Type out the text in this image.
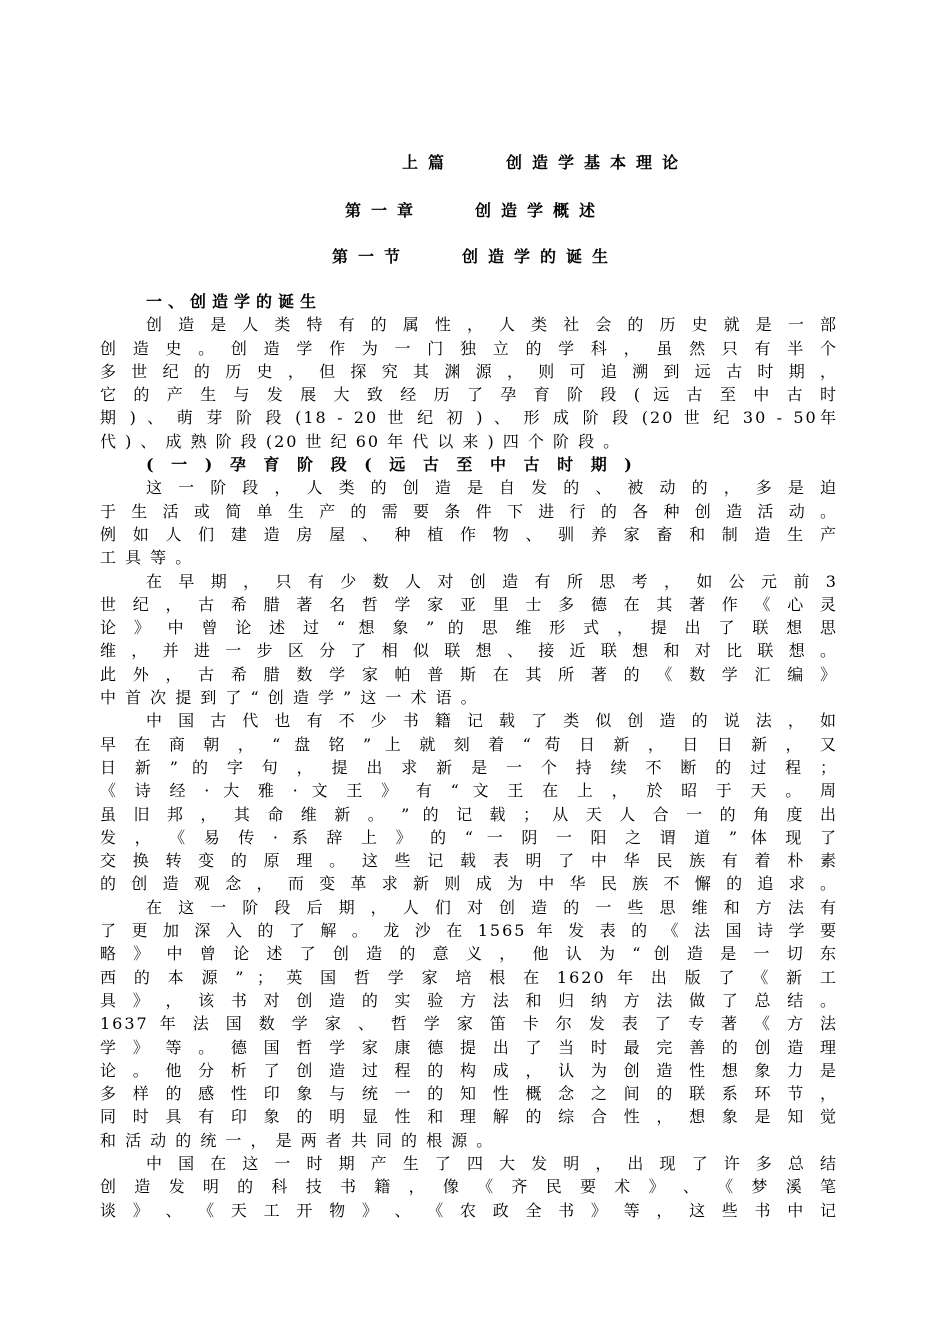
上篇　　创造学基本理论
第一章　　创造学概述
第一节　　创造学的诞生
一、创造学的诞生
创 造 是 人 类 特 有 的 属 性 ， 人 类 社 会 的 历 史 就 是 一 部
创 造 史 。 创 造 学 作 为 一 门 独 立 的 学 科 ， 虽 然 只 有 半 个
多 世 纪 的 历 史 ， 但 探 究 其 渊 源 ， 则 可 追 溯 到 远 古 时 期 ，
它 的 产 生 与 发 展 大 致 经 历 了 孕 育 阶 段 ( 远 古 至 中 古 时
期 ) 、 萌 芽 阶 段 (18 - 20 世 纪 初 ) 、 形 成 阶 段 (20 世 纪 30 - 50年
代 ) 、 成 熟 阶 段 (20 世 纪 60 年 代 以 来 ) 四 个 阶 段 。
( 一 ) 孕 育 阶 段 ( 远 古 至 中 古 时 期 )
这 一 阶 段 ， 人 类 的 创 造 是 自 发 的 、 被 动 的 ， 多 是 迫
于 生 活 或 简 单 生 产 的 需 要 条 件 下 进 行 的 各 种 创 造 活 动 。
例 如 人 们 建 造 房 屋 、 种 植 作 物 、 驯 养 家 畜 和 制 造 生 产
工 具 等 。
在 早 期 ， 只 有 少 数 人 对 创 造 有 所 思 考 ， 如 公 元 前 3
世 纪 ， 古 希 腊 著 名 哲 学 家 亚 里 士 多 德 在 其 著 作 《 心 灵
论 》 中 曾 论 述 过 “ 想 象 ” 的 思 维 形 式 ， 提 出 了 联 想 思
维 ， 并 进 一 步 区 分 了 相 似 联 想 、 接 近 联 想 和 对 比 联 想 。
此 外 ， 古 希 腊 数 学 家 帕 普 斯 在 其 所 著 的 《 数 学 汇 编 》
中 首 次 提 到 了 “ 创 造 学 ” 这 一 术 语 。
中 国 古 代 也 有 不 少 书 籍 记 载 了 类 似 创 造 的 说 法 ， 如
早 在 商 朝 ， “ 盘 铭 ” 上 就 刻 着 “ 苟 日 新 ， 日 日 新 ， 又
日 新 ” 的 字 句 ， 提 出 求 新 是 一 个 持 续 不 断 的 过 程 ；
《 诗 经 · 大 雅 · 文 王 》 有 “ 文 王 在 上 ， 於 昭 于 天 。 周
虽 旧 邦 ， 其 命 维 新 。 ” 的 记 载 ； 从 天 人 合 一 的 角 度 出
发 ， 《 易 传 · 系 辞 上 》 的 “ 一 阴 一 阳 之 谓 道 ” 体 现 了
交 换 转 变 的 原 理 。 这 些 记 载 表 明 了 中 华 民 族 有 着 朴 素
的 创 造 观 念 ， 而 变 革 求 新 则 成 为 中 华 民 族 不 懈 的 追 求 。
在 这 一 阶 段 后 期 ， 人 们 对 创 造 的 一 些 思 维 和 方 法 有
了 更 加 深 入 的 了 解 。 龙 沙 在 1565 年 发 表 的 《 法 国 诗 学 要
略 》 中 曾 论 述 了 创 造 的 意 义 ， 他 认 为 “ 创 造 是 一 切 东
西 的 本 源 ” ； 英 国 哲 学 家 培 根 在 1620 年 出 版 了 《 新 工
具 》 ， 该 书 对 创 造 的 实 验 方 法 和 归 纳 方 法 做 了 总 结 。
1637 年 法 国 数 学 家 、 哲 学 家 笛 卡 尔 发 表 了 专 著 《 方 法
学 》 等 。 德 国 哲 学 家 康 德 提 出 了 当 时 最 完 善 的 创 造 理
论 。 他 分 析 了 创 造 过 程 的 构 成 ， 认 为 创 造 性 想 象 力 是
多 样 的 感 性 印 象 与 统 一 的 知 性 概 念 之 间 的 联 系 环 节 ，
同 时 具 有 印 象 的 明 显 性 和 理 解 的 综 合 性 ， 想 象 是 知 觉
和 活 动 的 统 一 ， 是 两 者 共 同 的 根 源 。
中 国 在 这 一 时 期 产 生 了 四 大 发 明 ， 出 现 了 许 多 总 结
创 造 发 明 的 科 技 书 籍 ， 像 《 齐 民 要 术 》 、 《 梦 溪 笔
谈 》 、 《 天 工 开 物 》 、 《 农 政 全 书 》 等 ， 这 些 书 中 记
